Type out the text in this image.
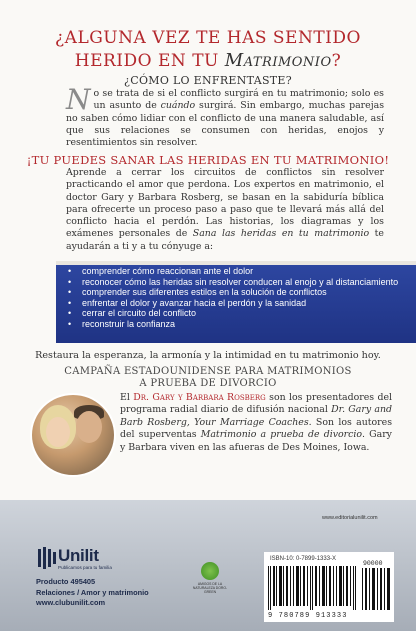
¿ALGUNA VEZ TE HAS SENTIDO
HERIDO EN TU Matrimonio?
¿CÓMO LO ENFRENTASTE?
No se trata de si el conflicto surgirá en tu matrimonio; solo es un asunto de cuándo surgirá. Sin embargo, muchas parejas no saben cómo lidiar con el conflicto de una manera saludable, así que sus relaciones se consumen con heridas, enojos y resentimientos sin resolver.
¡TU PUEDES SANAR LAS HERIDAS EN TU MATRIMONIO!
Aprende a cerrar los circuitos de conflictos sin resolver practicando el amor que perdona. Los expertos en matrimonio, el doctor Gary y Barbara Rosberg, se basan en la sabiduría bíblica para ofrecerte un proceso paso a paso que te llevará más allá del conflicto hacia el perdón. Las historias, los diagramas y los exámenes personales de Sana las heridas en tu matrimonio te ayudarán a ti y a tu cónyuge a:
• comprender cómo reaccionan ante el dolor
• reconocer cómo las heridas sin resolver conducen al enojo y al distanciamiento
• comprender sus diferentes estilos en la solución de conflictos
• enfrentar el dolor y avanzar hacia el perdón y la sanidad
• cerrar el circuito del conflicto
• reconstruir la confianza
Restaura la esperanza, la armonía y la intimidad en tu matrimonio hoy.
CAMPAÑA ESTADOUNIDENSE PARA MATRIMONIOS
A PRUEBA DE DIVORCIO
El Dr. Gary y Barbara Rosberg son los presentadores del programa radial diario de difusión nacional Dr. Gary and Barb Rosberg, Your Marriage Coaches. Son los autores del superventas Matrimonio a prueba de divorcio. Gary y Barbara viven en las afueras de Des Moines, Iowa.
www.editorialunilit.com
Unilit
Publicamos para tu familia
Producto 495405
Relaciones / Amor y matrimonio
www.clubunilit.com
AMIGOS DE LA NATURALEZA DORO-GREEN
ISBN-10: 0-7899-1333-X
90000
9 780789 913333
